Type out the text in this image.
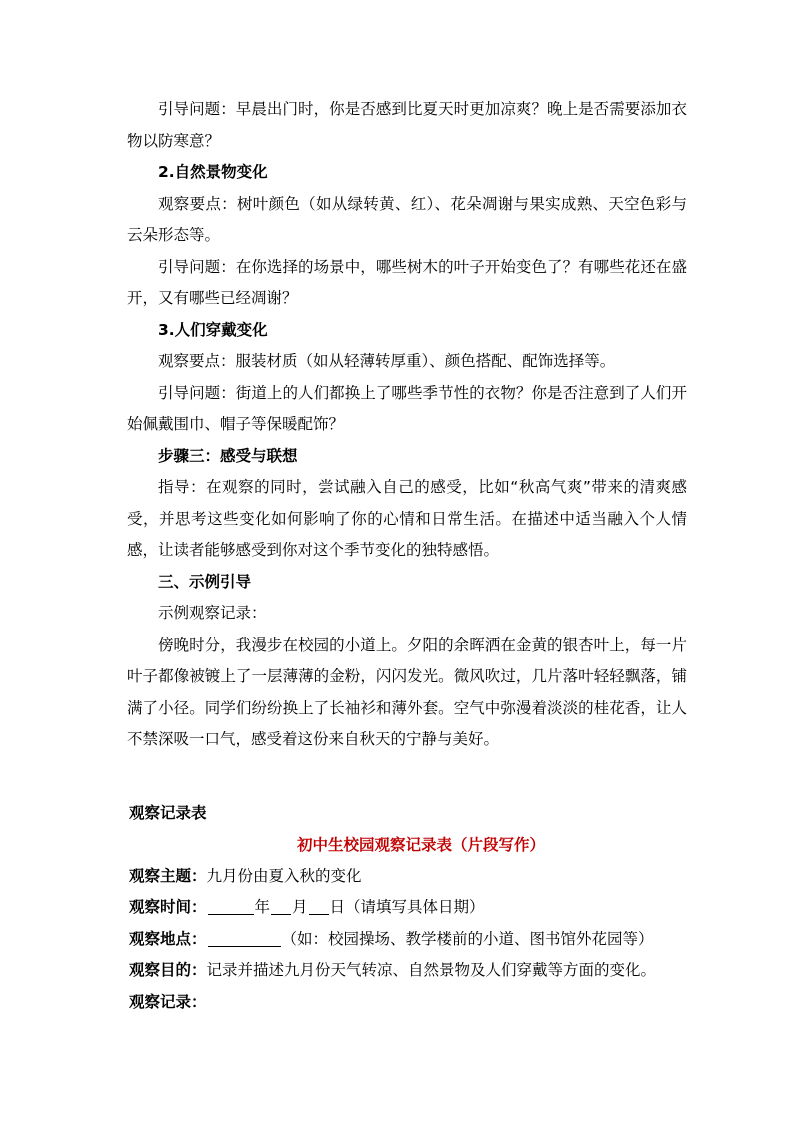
引导问题：早晨出门时，你是否感到比夏天时更加凉爽？晚上是否需要添加衣物以防寒意？

2.自然景物变化

观察要点：树叶颜色（如从绿转黄、红）、花朵凋谢与果实成熟、天空色彩与云朵形态等。

引导问题：在你选择的场景中，哪些树木的叶子开始变色了？有哪些花还在盛开，又有哪些已经凋谢？

3.人们穿戴变化

观察要点：服装材质（如从轻薄转厚重）、颜色搭配、配饰选择等。

引导问题：街道上的人们都换上了哪些季节性的衣物？你是否注意到了人们开始佩戴围巾、帽子等保暖配饰？

步骤三：感受与联想

指导：在观察的同时，尝试融入自己的感受，比如“秋高气爽”带来的清爽感受，并思考这些变化如何影响了你的心情和日常生活。在描述中适当融入个人情感，让读者能够感受到你对这个季节变化的独特感悟。

三、示例引导

示例观察记录：

傍晚时分，我漫步在校园的小道上。夕阳的余晖洒在金黄的银杏叶上，每一片叶子都像被镀上了一层薄薄的金粉，闪闪发光。微风吹过，几片落叶轻轻飘落，铺满了小径。同学们纷纷换上了长袖衫和薄外套。空气中弥漫着淡淡的桂花香，让人不禁深吸一口气，感受着这份来自秋天的宁静与美好。

观察记录表

初中生校园观察记录表（片段写作）

观察主题：九月份由夏入秋的变化

观察时间：	年 月 日（请填写具体日期）

观察地点：	（如：校园操场、教学楼前的小道、图书馆外花园等）

观察目的：记录并描述九月份天气转凉、自然景物及人们穿戴等方面的变化。

观察记录：
